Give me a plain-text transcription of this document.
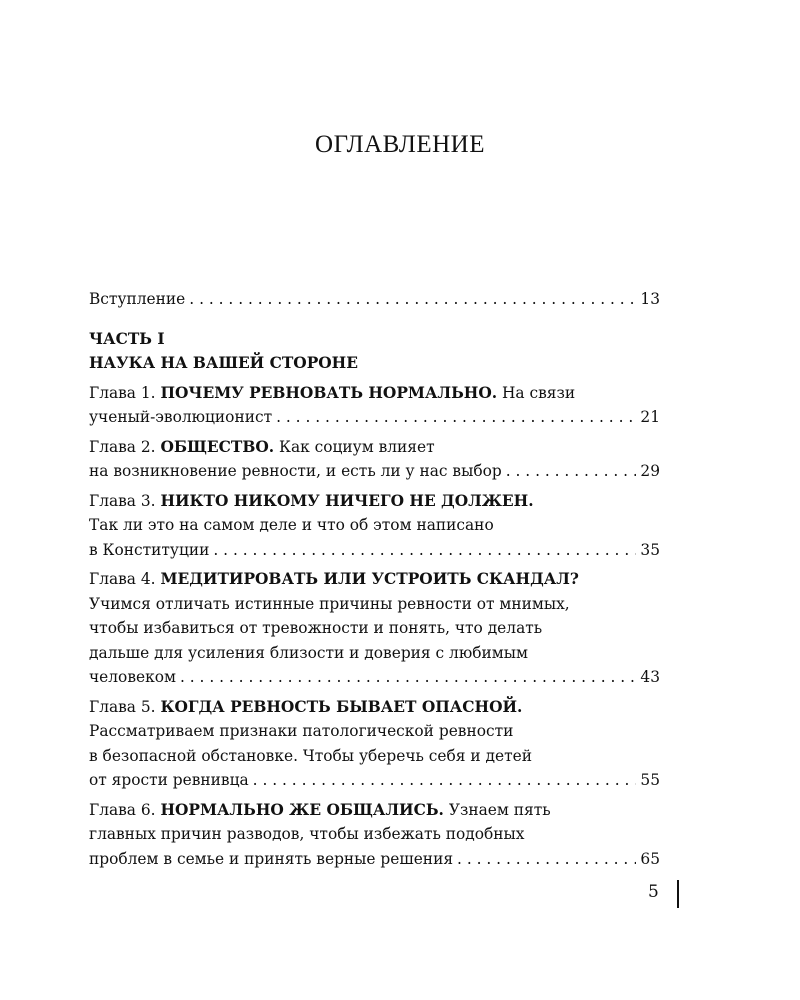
ОГЛАВЛЕНИЕ
Вступление . . .	13
ЧАСТЬ I
НАУКА НА ВАШЕЙ СТОРОНЕ
Глава 1. ПОЧЕМУ РЕВНОВАТЬ НОРМАЛЬНО. На связи
ученый-эволюционист . . .	21
Глава 2. ОБЩЕСТВО. Как социум влияет
на возникновение ревности, и есть ли у нас выбор . . .	29
Глава 3. НИКТО НИКОМУ НИЧЕГО НЕ ДОЛЖЕН.
Так ли это на самом деле и что об этом написано
в Конституции . . .	35
Глава 4. МЕДИТИРОВАТЬ ИЛИ УСТРОИТЬ СКАНДАЛ?
Учимся отличать истинные причины ревности от мнимых,
чтобы избавиться от тревожности и понять, что делать
дальше для усиления близости и доверия с любимым
человеком . . .	43
Глава 5. КОГДА РЕВНОСТЬ БЫВАЕТ ОПАСНОЙ.
Рассматриваем признаки патологической ревности
в безопасной обстановке. Чтобы уберечь себя и детей
от ярости ревнивца . . .	55
Глава 6. НОРМАЛЬНО ЖЕ ОБЩАЛИСЬ. Узнаем пять
главных причин разводов, чтобы избежать подобных
проблем в семье и принять верные решения . . .	65
5
